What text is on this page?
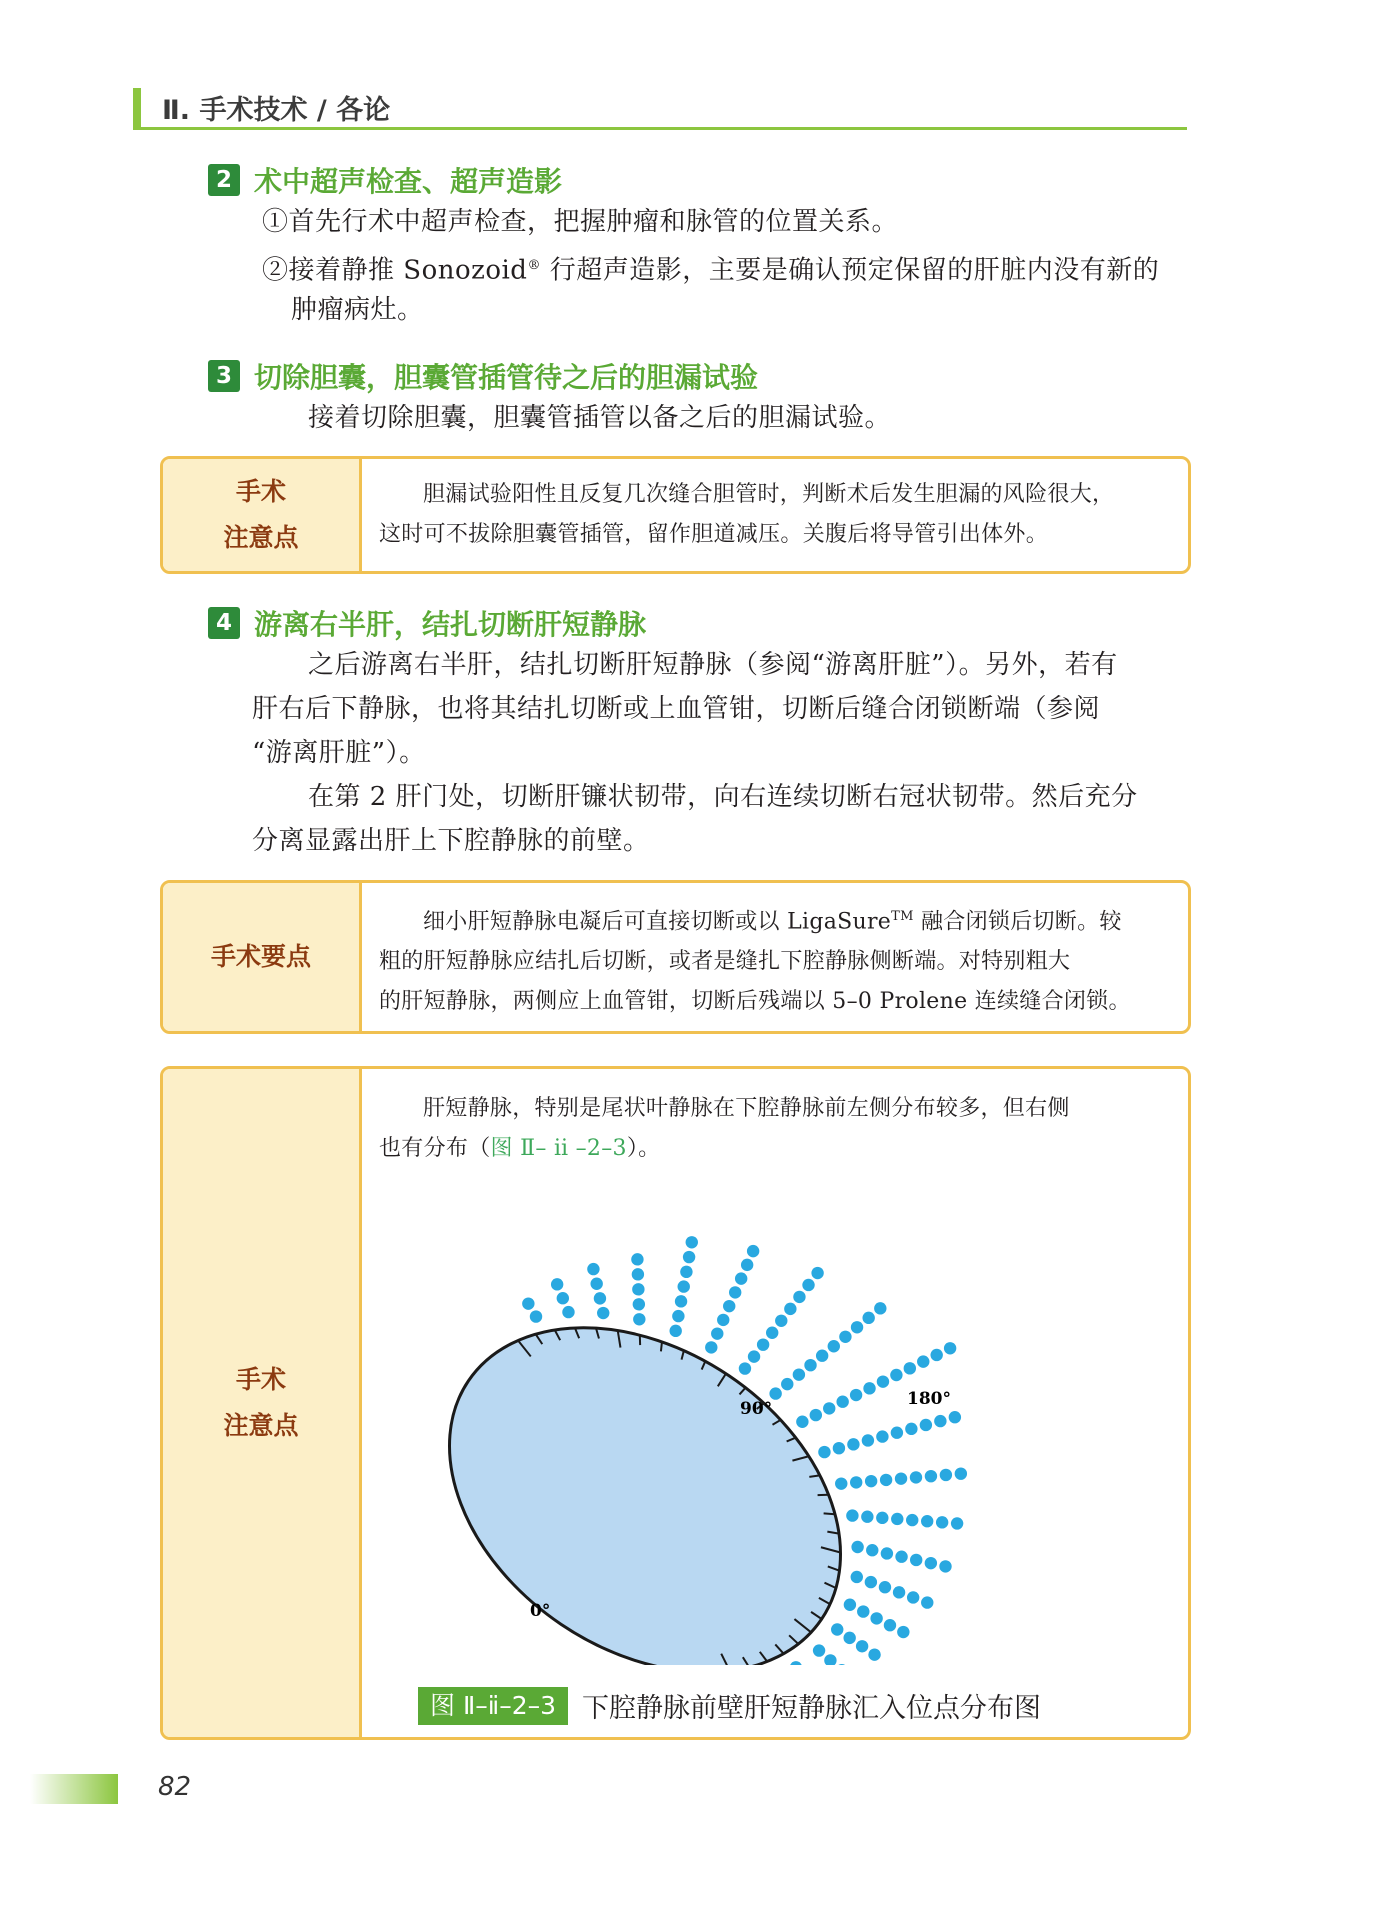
Ⅱ. 手术技术 / 各论
2 术中超声检查、超声造影
①首先行术中超声检查，把握肿瘤和脉管的位置关系。
②接着静推 Sonozoid® 行超声造影，主要是确认预定保留的肝脏内没有新的
肿瘤病灶。
3 切除胆囊，胆囊管插管待之后的胆漏试验
接着切除胆囊，胆囊管插管以备之后的胆漏试验。
手术
注意点
胆漏试验阳性且反复几次缝合胆管时，判断术后发生胆漏的风险很大，
这时可不拔除胆囊管插管，留作胆道减压。关腹后将导管引出体外。
4 游离右半肝，结扎切断肝短静脉
之后游离右半肝，结扎切断肝短静脉（参阅“游离肝脏”）。另外，若有
肝右后下静脉，也将其结扎切断或上血管钳，切断后缝合闭锁断端（参阅
“游离肝脏”）。
在第 2 肝门处，切断肝镰状韧带，向右连续切断右冠状韧带。然后充分
分离显露出肝上下腔静脉的前壁。
手术要点
细小肝短静脉电凝后可直接切断或以 LigaSure™ 融合闭锁后切断。较
粗的肝短静脉应结扎后切断，或者是缝扎下腔静脉侧断端。对特别粗大
的肝短静脉，两侧应上血管钳，切断后残端以 5–0 Prolene 连续缝合闭锁。
手术
注意点
肝短静脉，特别是尾状叶静脉在下腔静脉前左侧分布较多，但右侧
也有分布（图 Ⅱ– ⅱ –2–3）。
90°	180°
0°
图 Ⅱ–ⅱ–2–3 下腔静脉前壁肝短静脉汇入位点分布图
82
